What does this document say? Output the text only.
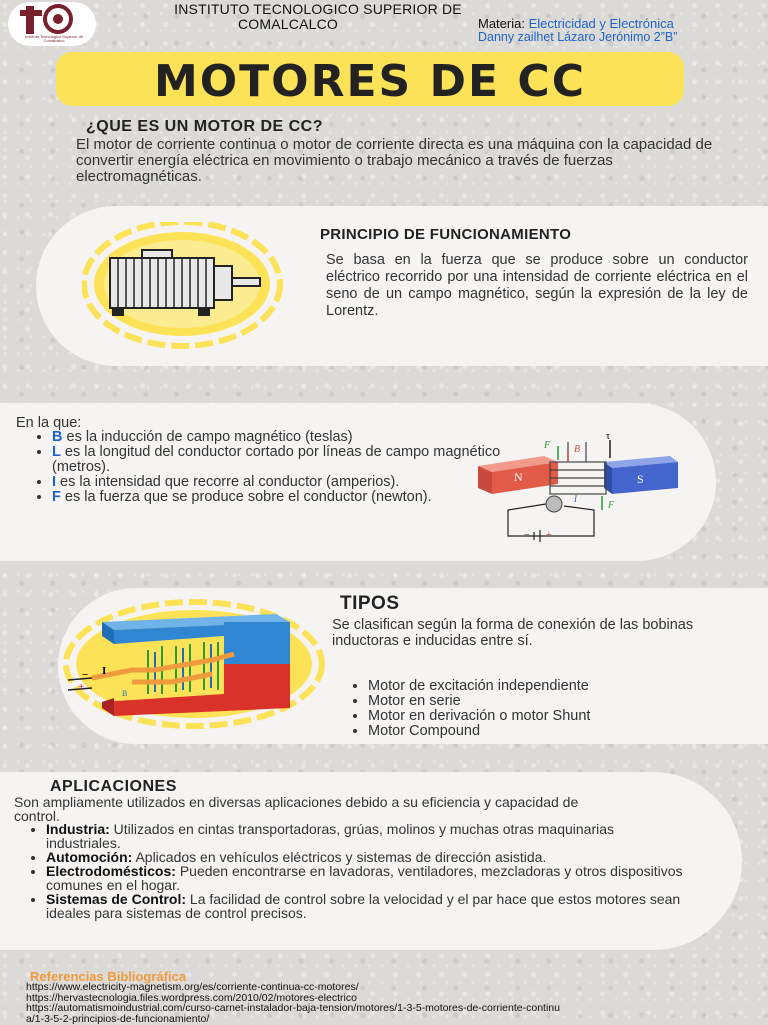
Instituto Tecnológico Superior de Comalcalco
INSTITUTO TECNOLOGICO SUPERIOR DE
COMALCALCO	Materia: Electricidad y Electrónica
Danny zailhet Lázaro Jerónimo 2”B”
MOTORES DE CC
¿QUE ES UN MOTOR DE CC?
El motor de corriente continua o motor de corriente directa es una máquina con la capacidad de convertir energía eléctrica en movimiento o trabajo mecánico a través de fuerzas electromagnéticas.
PRINCIPIO DE FUNCIONAMIENTO
Se basa en la fuerza que se produce sobre un conductor eléctrico recorrido por una intensidad de corriente eléctrica en el seno de un campo magnético, según la expresión de la ley de Lorentz.
En la que:
• B es la inducción de campo magnético (teslas)
• L es la longitud del conductor cortado por líneas de campo magnético (metros).
• I es la intensidad que recorre al conductor (amperios).
• F es la fuerza que se produce sobre el conductor (newton).
N	S
τ
F B
F
I
− +
I
−
+
B
TIPOS
Se clasifican según la forma de conexión de las bobinas inductoras e inducidas entre sí.
• Motor de excitación independiente
• Motor en serie
• Motor en derivación o motor Shunt
• Motor Compound
APLICACIONES
Son ampliamente utilizados en diversas aplicaciones debido a su eficiencia y capacidad de control.
• Industria: Utilizados en cintas transportadoras, grúas, molinos y muchas otras maquinarias industriales.
• Automoción: Aplicados en vehículos eléctricos y sistemas de dirección asistida.
• Electrodomésticos: Pueden encontrarse en lavadoras, ventiladores, mezcladoras y otros dispositivos comunes en el hogar.
• Sistemas de Control: La facilidad de control sobre la velocidad y el par hace que estos motores sean ideales para sistemas de control precisos.
Referencias Bibliográfica
https://www.electricity-magnetism.org/es/corriente-continua-cc-motores/
https://hervastecnologia.files.wordpress.com/2010/02/motores-electrico
https://automatismoindustrial.com/curso-carnet-instalador-baja-tension/motores/1-3-5-motores-de-corriente-continua/1-3-5-2-principios-de-funcionamiento/
